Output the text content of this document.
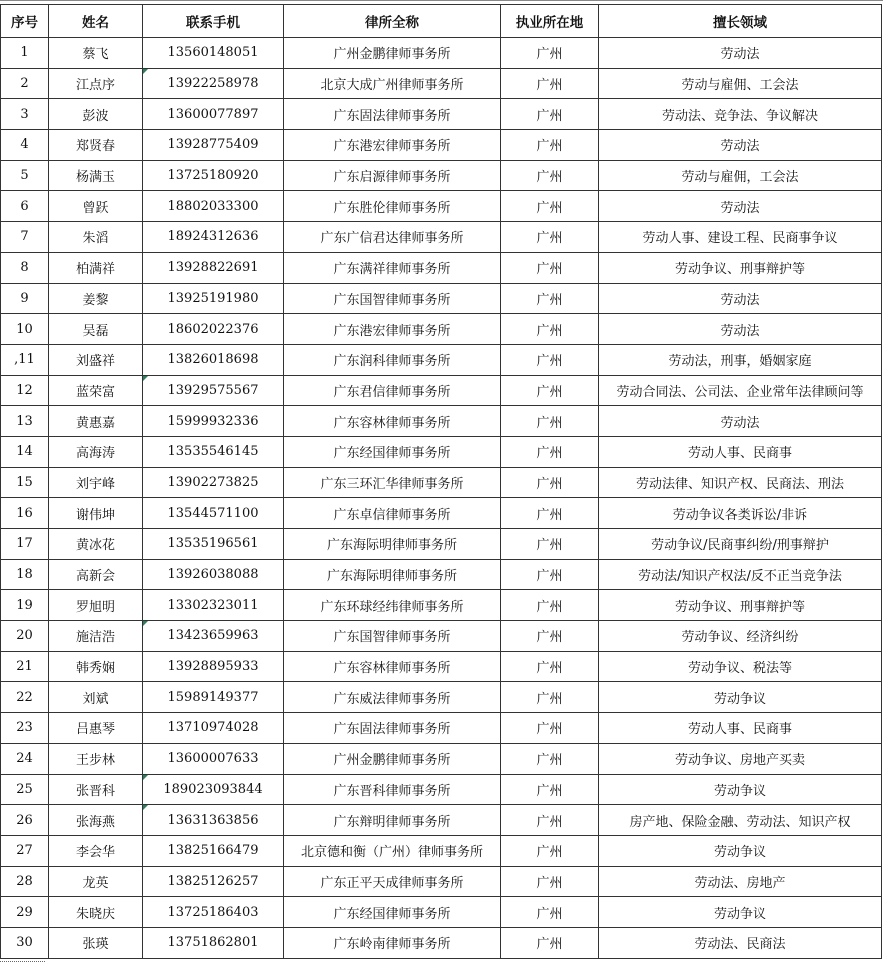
序号	姓名	联系手机	律所全称	执业所在地	擅长领域
1	蔡飞	13560148051	广州金鹏律师事务所	广州	劳动法
2	江点序	13922258978	北京大成广州律师事务所	广州	劳动与雇佣、工会法
3	彭波	13600077897	广东固法律师事务所	广州	劳动法、竞争法、争议解决
4	郑贤春	13928775409	广东港宏律师事务所	广州	劳动法
5	杨满玉	13725180920	广东启源律师事务所	广州	劳动与雇佣，工会法
6	曾跃	18802033300	广东胜伦律师事务所	广州	劳动法
7	朱滔	18924312636	广东广信君达律师事务所	广州	劳动人事、建设工程、民商事争议
8	柏满祥	13928822691	广东满祥律师事务所	广州	劳动争议、刑事辩护等
9	姜黎	13925191980	广东国智律师事务所	广州	劳动法
10	吴磊	18602022376	广东港宏律师事务所	广州	劳动法
,11	刘盛祥	13826018698	广东润科律师事务所	广州	劳动法，刑事，婚姻家庭
12	蓝荣富	13929575567	广东君信律师事务所	广州	劳动合同法、公司法、企业常年法律顾问等
13	黄惠嘉	15999932336	广东容林律师事务所	广州	劳动法
14	高海涛	13535546145	广东经国律师事务所	广州	劳动人事、民商事
15	刘宇峰	13902273825	广东三环汇华律师事务所	广州	劳动法律、知识产权、民商法、刑法
16	谢伟坤	13544571100	广东卓信律师事务所	广州	劳动争议各类诉讼/非诉
17	黄冰花	13535196561	广东海际明律师事务所	广州	劳动争议/民商事纠纷/刑事辩护
18	高新会	13926038088	广东海际明律师事务所	广州	劳动法/知识产权法/反不正当竞争法
19	罗旭明	13302323011	广东环球经纬律师事务所	广州	劳动争议、刑事辩护等
20	施洁浩	13423659963	广东国智律师事务所	广州	劳动争议、经济纠纷
21	韩秀娴	13928895933	广东容林律师事务所	广州	劳动争议、税法等
22	刘斌	15989149377	广东威法律师事务所	广州	劳动争议
23	吕惠琴	13710974028	广东固法律师事务所	广州	劳动人事、民商事
24	王步林	13600007633	广州金鹏律师事务所	广州	劳动争议、房地产买卖
25	张晋科	189023093844	广东晋科律师事务所	广州	劳动争议
26	张海燕	13631363856	广东辩明律师事务所	广州	房产地、保险金融、劳动法、知识产权
27	李会华	13825166479	北京德和衡（广州）律师事务所	广州	劳动争议
28	龙英	13825126257	广东正平天成律师事务所	广州	劳动法、房地产
29	朱晓庆	13725186403	广东经国律师事务所	广州	劳动争议
30	张瑛	13751862801	广东岭南律师事务所	广州	劳动法、民商法
